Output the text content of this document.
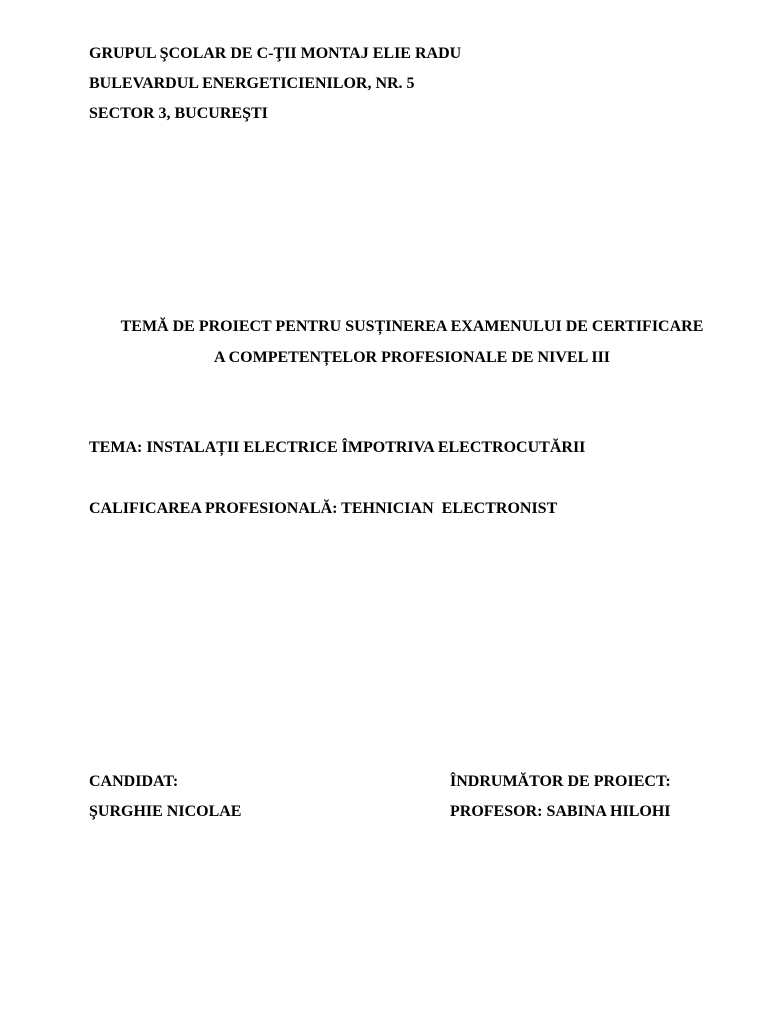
GRUPUL ŞCOLAR DE C-ŢII MONTAJ ELIE RADU
BULEVARDUL ENERGETICIENILOR, NR. 5
SECTOR 3, BUCUREŞTI
TEMĂ DE PROIECT PENTRU SUSȚINEREA EXAMENULUI DE CERTIFICARE
A COMPETENȚELOR PROFESIONALE DE NIVEL III
TEMA: INSTALAȚII ELECTRICE ÎMPOTRIVA ELECTROCUTĂRII
CALIFICAREA PROFESIONALĂ: TEHNICIAN  ELECTRONIST
CANDIDAT:
ŞURGHIE NICOLAE
ÎNDRUMĂTOR DE PROIECT:
PROFESOR: SABINA HILOHI
